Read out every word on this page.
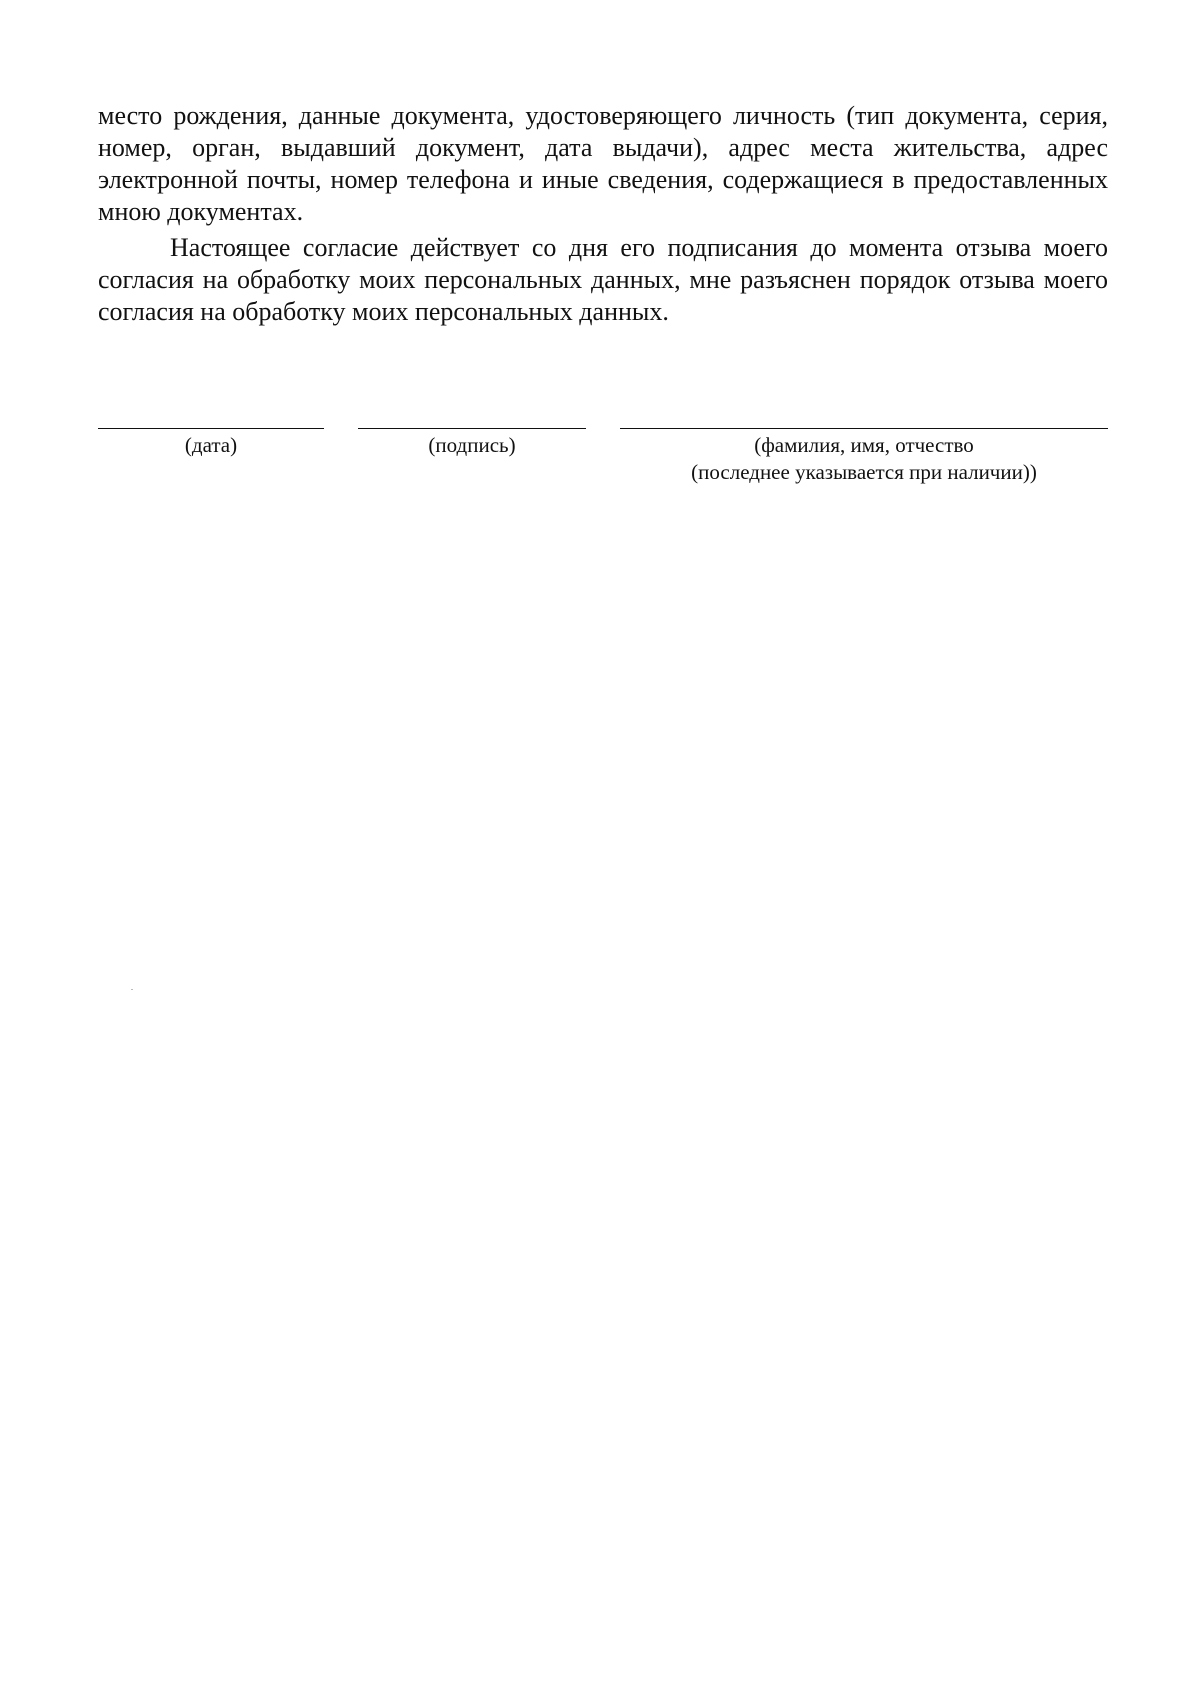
место рождения, данные документа, удостоверяющего личность (тип документа, серия, номер, орган, выдавший документ, дата выдачи), адрес места жительства, адрес электронной почты, номер телефона и иные сведения, содержащиеся в предоставленных мною документах.

Настоящее согласие действует со дня его подписания до момента отзыва моего согласия на обработку моих персональных данных, мне разъяснен порядок отзыва моего согласия на обработку моих персональных данных.

(дата)	(подпись)	(фамилия, имя, отчество
(последнее указывается при наличии))
